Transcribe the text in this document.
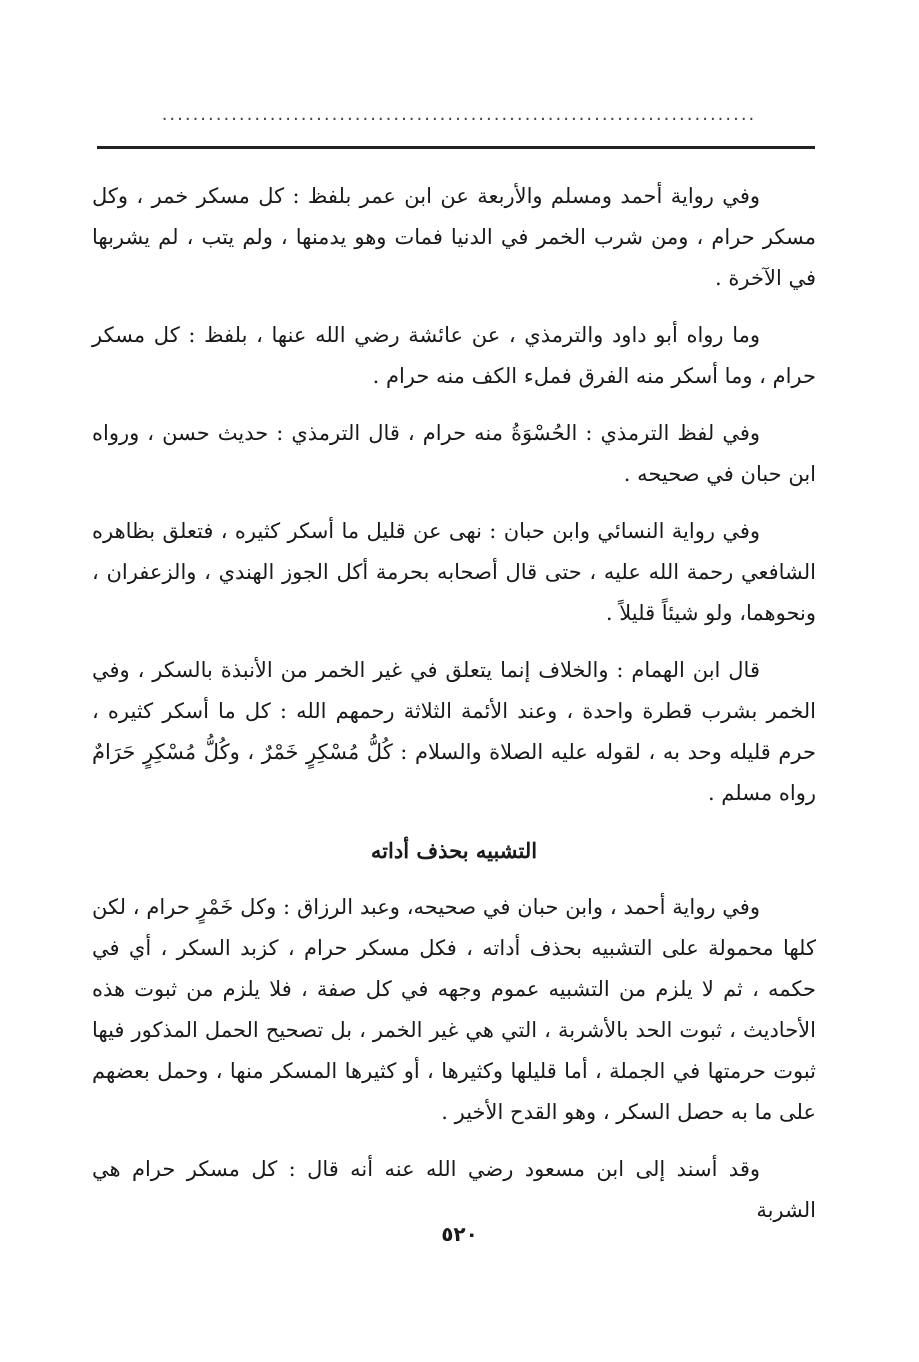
.............................................................................

وفي رواية أحمد ومسلم والأربعة عن ابن عمر بلفظ : كل مسكر خمر ، وكل مسكر حرام ، ومن شرب الخمر في الدنيا فمات وهو يدمنها ، ولم يتب ، لم يشربها في الآخرة .

وما رواه أبو داود والترمذي ، عن عائشة رضي الله عنها ، بلفظ : كل مسكر حرام ، وما أسكر منه الفرق فملء الكف منه حرام .

وفي لفظ الترمذي : الحُسْوَةُ منه حرام ، قال الترمذي : حديث حسن ، ورواه ابن حبان في صحيحه .

وفي رواية النسائي وابن حبان : نهى عن قليل ما أسكر كثيره ، فتعلق بظاهره الشافعي رحمة الله عليه ، حتى قال أصحابه بحرمة أكل الجوز الهندي ، والزعفران ، ونحوهما، ولو شيئاً قليلاً .

قال ابن الهمام : والخلاف إنما يتعلق في غير الخمر من الأنبذة بالسكر ، وفي الخمر بشرب قطرة واحدة ، وعند الأئمة الثلاثة رحمهم الله : كل ما أسكر كثيره ، حرم قليله وحد به ، لقوله عليه الصلاة والسلام : كُلُّ مُسْكِرٍ خَمْرٌ ، وكُلُّ مُسْكِرٍ حَرَامٌ رواه مسلم .

التشبيه بحذف أداته

وفي رواية أحمد ، وابن حبان في صحيحه، وعبد الرزاق : وكل خَمْرٍ حرام ، لكن كلها محمولة على التشبيه بحذف أداته ، فكل مسكر حرام ، كزبد السكر ، أي في حكمه ، ثم لا يلزم من التشبيه عموم وجهه في كل صفة ، فلا يلزم من ثبوت هذه الأحاديث ، ثبوت الحد بالأشربة ، التي هي غير الخمر ، بل تصحيح الحمل المذكور فيها ثبوت حرمتها في الجملة ، أما قليلها وكثيرها ، أو كثيرها المسكر منها ، وحمل بعضهم على ما به حصل السكر ، وهو القدح الأخير .

وقد أسند إلى ابن مسعود رضي الله عنه أنه قال : كل مسكر حرام هي الشربة

٥٢٠
